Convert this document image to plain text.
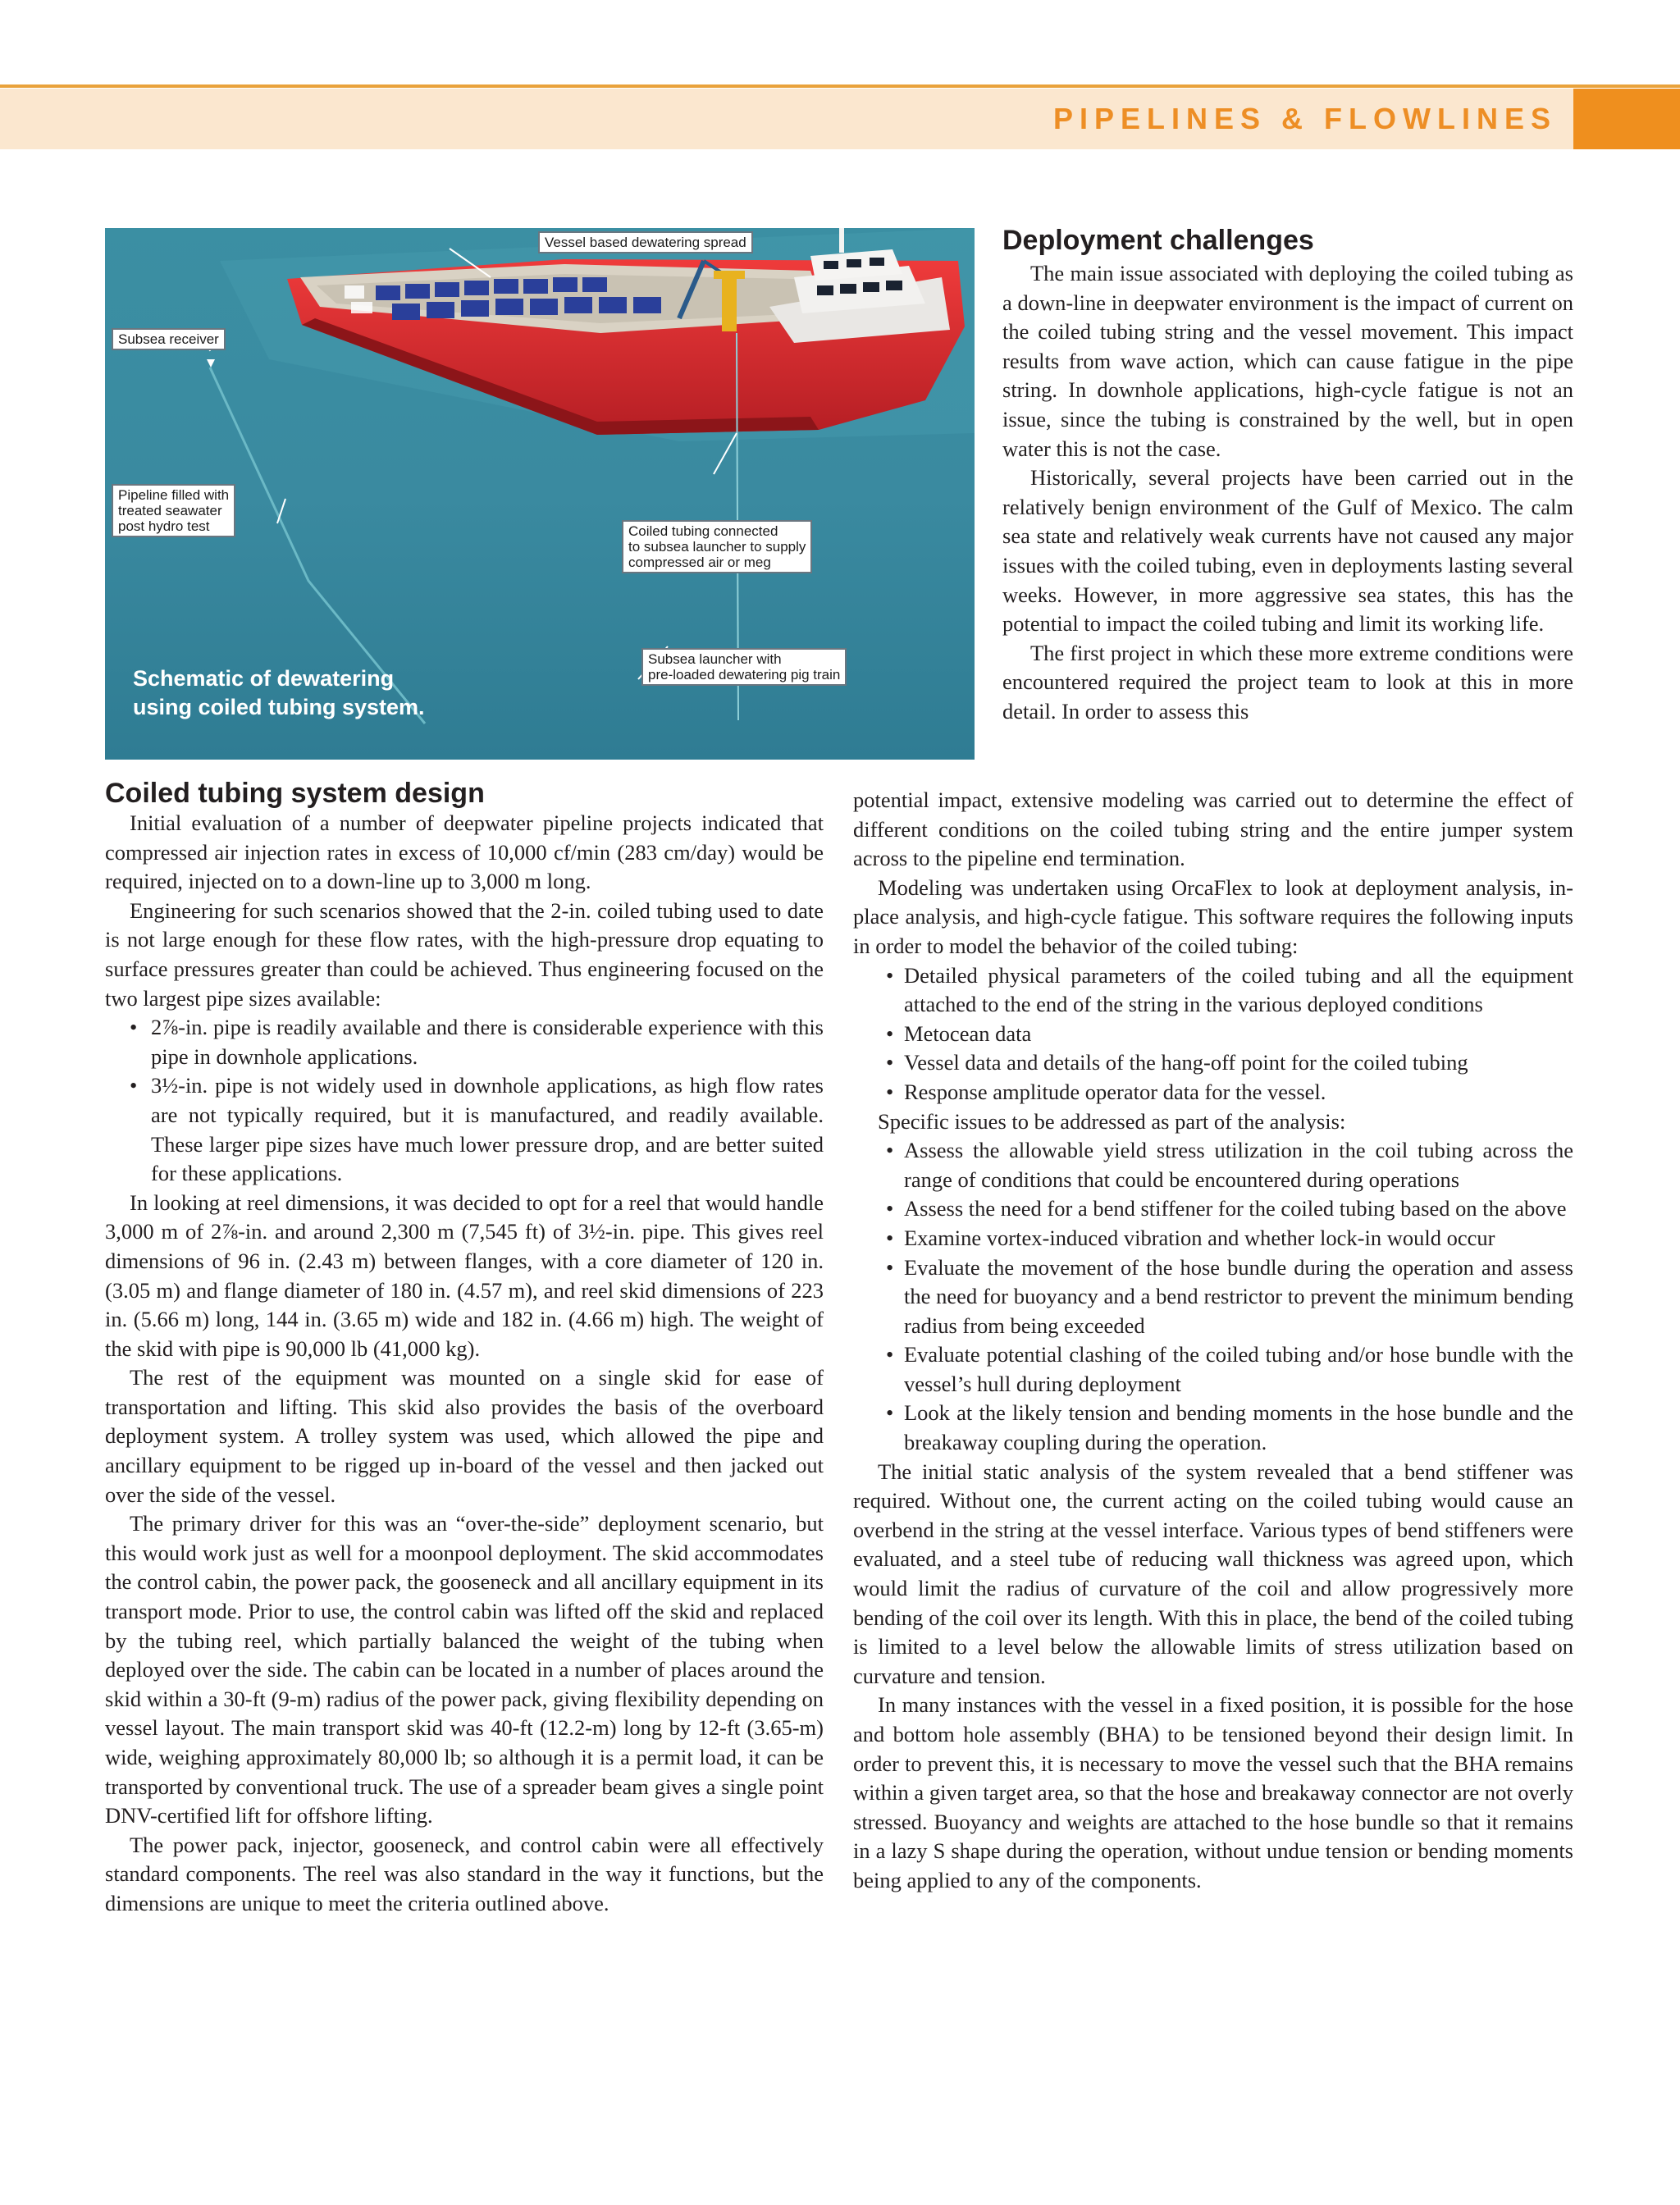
PIPELINES & FLOWLINES
Vessel based dewatering spread
Subsea receiver
Pipeline filled with
treated seawater
post hydro test	Coiled tubing connected
to subsea launcher to supply
compressed air or meg
Subsea launcher with
pre-loaded dewatering pig train
Schematic of dewatering
using coiled tubing system.
Deployment challenges

The main issue associated with deploying the coiled tubing as a down-line in deepwater environment is the impact of current on the coiled tubing string and the vessel movement. This impact results from wave action, which can cause fatigue in the pipe string. In downhole applications, high-cycle fatigue is not an issue, since the tubing is constrained by the well, but in open water this is not the case.

Historically, several projects have been carried out in the relatively benign environment of the Gulf of Mexico. The calm sea state and relatively weak currents have not caused any major issues with the coiled tubing, even in deployments lasting several weeks. However, in more aggressive sea states, this has the potential to impact the coiled tubing and limit its working life.

The first project in which these more extreme conditions were encountered required the project team to look at this in more detail. In order to assess this

Coiled tubing system design

Initial evaluation of a number of deepwater pipeline projects indicated that compressed air injection rates in excess of 10,000 cf/min (283 cm/day) would be required, injected on to a down-line up to 3,000 m long.

Engineering for such scenarios showed that the 2-in. coiled tubing used to date is not large enough for these flow rates, with the high-pressure drop equating to surface pressures greater than could be achieved. Thus engineering focused on the two largest pipe sizes available:

• 2⅞-in. pipe is readily available and there is considerable experience with this pipe in downhole applications.
• 3½-in. pipe is not widely used in downhole applications, as high flow rates are not typically required, but it is manufactured, and readily available. These larger pipe sizes have much lower pressure drop, and are better suited for these applications.

In looking at reel dimensions, it was decided to opt for a reel that would handle 3,000 m of 2⅞-in. and around 2,300 m (7,545 ft) of 3½-in. pipe. This gives reel dimensions of 96 in. (2.43 m) between flanges, with a core diameter of 120 in. (3.05 m) and flange diameter of 180 in. (4.57 m), and reel skid dimensions of 223 in. (5.66 m) long, 144 in. (3.65 m) wide and 182 in. (4.66 m) high. The weight of the skid with pipe is 90,000 lb (41,000 kg).

The rest of the equipment was mounted on a single skid for ease of transportation and lifting. This skid also provides the basis of the overboard deployment system. A trolley system was used, which allowed the pipe and ancillary equipment to be rigged up in-board of the vessel and then jacked out over the side of the vessel.

The primary driver for this was an “over-the-side” deployment scenario, but this would work just as well for a moonpool deployment. The skid accommodates the control cabin, the power pack, the gooseneck and all ancillary equipment in its transport mode. Prior to use, the control cabin was lifted off the skid and replaced by the tubing reel, which partially balanced the weight of the tubing when deployed over the side. The cabin can be located in a number of places around the skid within a 30-ft (9-m) radius of the power pack, giving flexibility depending on vessel layout. The main transport skid was 40-ft (12.2-m) long by 12-ft (3.65-m) wide, weighing approximately 80,000 lb; so although it is a permit load, it can be transported by conventional truck. The use of a spreader beam gives a single point DNV-certified lift for offshore lifting.

The power pack, injector, gooseneck, and control cabin were all effectively standard components. The reel was also standard in the way it functions, but the dimensions are unique to meet the criteria outlined above.

potential impact, extensive modeling was carried out to determine the effect of different conditions on the coiled tubing string and the entire jumper system across to the pipeline end termination.

Modeling was undertaken using OrcaFlex to look at deployment analysis, in-place analysis, and high-cycle fatigue. This software requires the following inputs in order to model the behavior of the coiled tubing:

• Detailed physical parameters of the coiled tubing and all the equipment attached to the end of the string in the various deployed conditions
• Metocean data
• Vessel data and details of the hang-off point for the coiled tubing
• Response amplitude operator data for the vessel.

Specific issues to be addressed as part of the analysis:

• Assess the allowable yield stress utilization in the coil tubing across the range of conditions that could be encountered during operations
• Assess the need for a bend stiffener for the coiled tubing based on the above
• Examine vortex-induced vibration and whether lock-in would occur
• Evaluate the movement of the hose bundle during the operation and assess the need for buoyancy and a bend restrictor to prevent the minimum bending radius from being exceeded
• Evaluate potential clashing of the coiled tubing and/or hose bundle with the vessel’s hull during deployment
• Look at the likely tension and bending moments in the hose bundle and the breakaway coupling during the operation.

The initial static analysis of the system revealed that a bend stiffener was required. Without one, the current acting on the coiled tubing would cause an overbend in the string at the vessel interface. Various types of bend stiffeners were evaluated, and a steel tube of reducing wall thickness was agreed upon, which would limit the radius of curvature of the coil and allow progressively more bending of the coil over its length. With this in place, the bend of the coiled tubing is limited to a level below the allowable limits of stress utilization based on curvature and tension.

In many instances with the vessel in a fixed position, it is possible for the hose and bottom hole assembly (BHA) to be tensioned beyond their design limit. In order to prevent this, it is necessary to move the vessel such that the BHA remains within a given target area, so that the hose and breakaway connector are not overly stressed. Buoyancy and weights are attached to the hose bundle so that it remains in a lazy S shape during the operation, without undue tension or bending moments being applied to any of the components.
